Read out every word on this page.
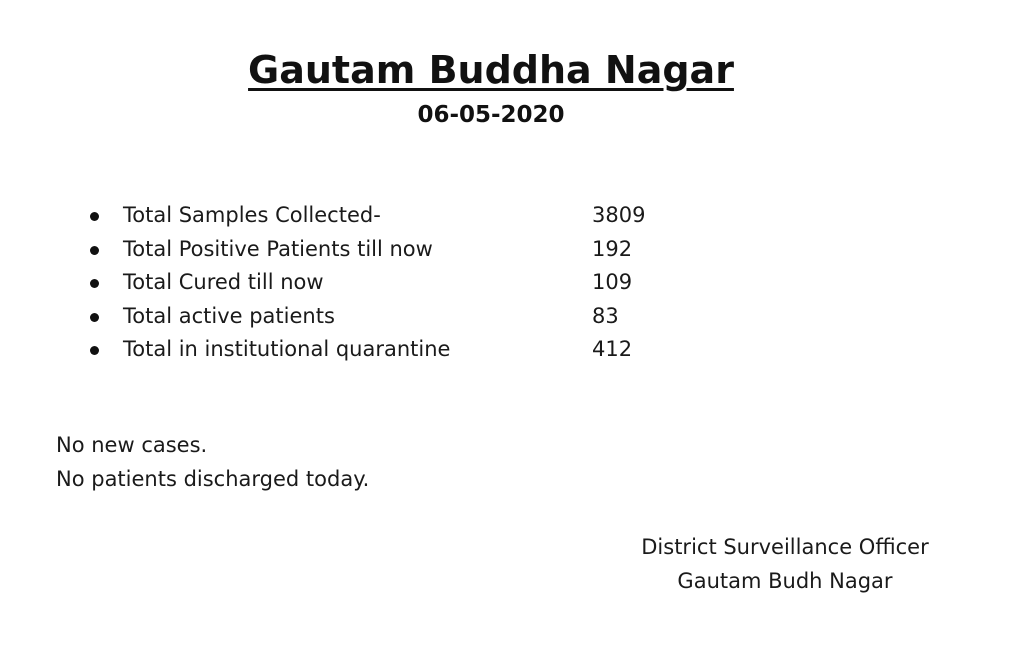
Gautam Buddha Nagar
06-05-2020
Total Samples Collected-	3809
Total Positive Patients till now	192
Total Cured till now	109
Total active patients	83
Total in institutional quarantine	412
No new cases.
No patients discharged today.
District Surveillance Officer
Gautam Budh Nagar
